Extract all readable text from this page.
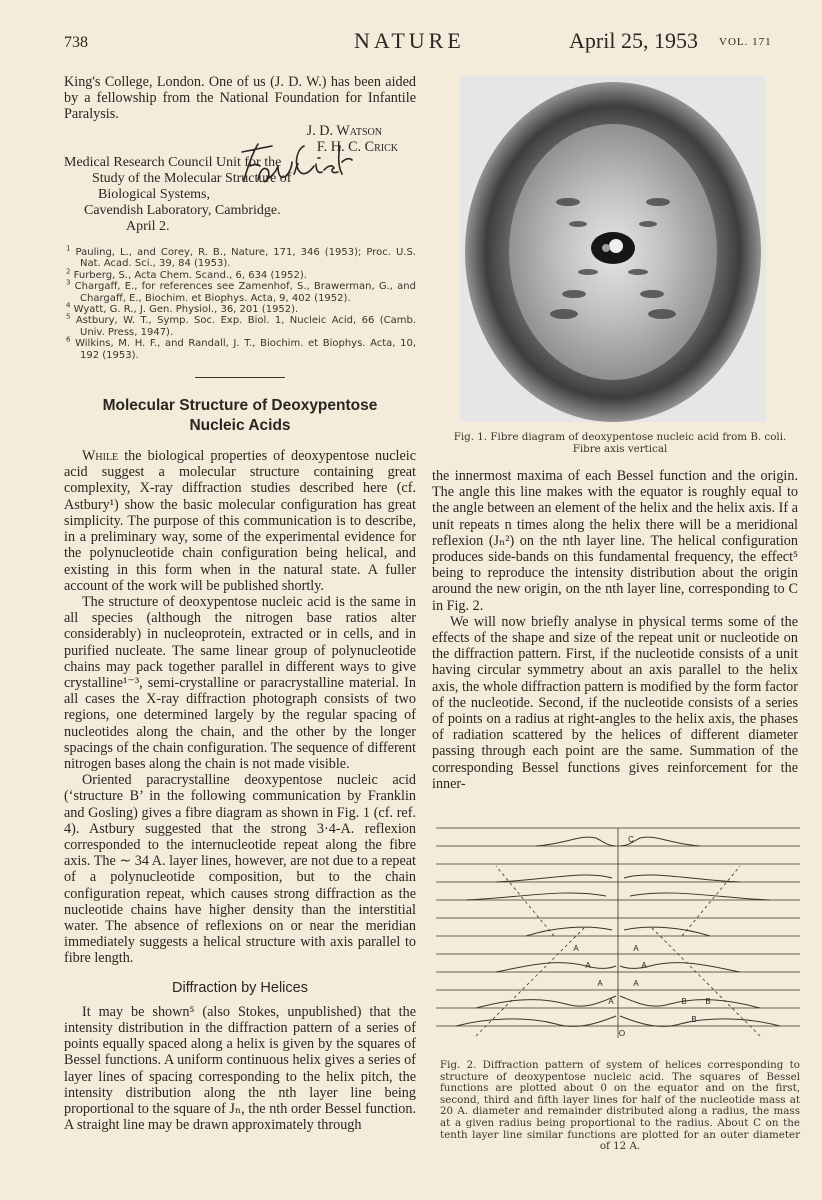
738	NATURE	April 25, 1953 VOL. 171

King's College, London. One of us (J. D. W.) has been aided by a fellowship from the National Foundation for Infantile Paralysis.

J. D. Watson
F. H. C. Crick
Medical Research Council Unit for the
Study of the Molecular Structure of
Biological Systems,
Cavendish Laboratory, Cambridge.
April 2.
$^1$ Pauling, L., and Corey, R. B., Nature, 171, 346 (1953); Proc. U.S. Nat. Acad. Sci., 39, 84 (1953).
$^2$ Furberg, S., Acta Chem. Scand., 6, 634 (1952).
$^3$ Chargaff, E., for references see Zamenhof, S., Brawerman, G., and Chargaff, E., Biochim. et Biophys. Acta, 9, 402 (1952).
$^4$ Wyatt, G. R., J. Gen. Physiol., 36, 201 (1952).
$^5$ Astbury, W. T., Symp. Soc. Exp. Biol. 1, Nucleic Acid, 66 (Camb. Univ. Press, 1947).
$^6$ Wilkins, M. H. F., and Randall, J. T., Biochim. et Biophys. Acta, 10, 192 (1953).
Molecular Structure of Deoxypentose
Nucleic Acids

While the biological properties of deoxypentose nucleic acid suggest a molecular structure containing great complexity, X-ray diffraction studies described here (cf. Astbury¹) show the basic molecular configuration has great simplicity. The purpose of this communication is to describe, in a preliminary way, some of the experimental evidence for the polynucleotide chain configuration being helical, and existing in this form when in the natural state. A fuller account of the work will be published shortly.

The structure of deoxypentose nucleic acid is the same in all species (although the nitrogen base ratios alter considerably) in nucleoprotein, extracted or in cells, and in purified nucleate. The same linear group of polynucleotide chains may pack together parallel in different ways to give crystalline¹⁻³, semi-crystalline or paracrystalline material. In all cases the X-ray diffraction photograph consists of two regions, one determined largely by the regular spacing of nucleotides along the chain, and the other by the longer spacings of the chain configuration. The sequence of different nitrogen bases along the chain is not made visible.

Oriented paracrystalline deoxypentose nucleic acid (‘structure B’ in the following communication by Franklin and Gosling) gives a fibre diagram as shown in Fig. 1 (cf. ref. 4). Astbury suggested that the strong 3·4-A. reflexion corresponded to the internucleotide repeat along the fibre axis. The ∼ 34 A. layer lines, however, are not due to a repeat of a polynucleotide composition, but to the chain configuration repeat, which causes strong diffraction as the nucleotide chains have higher density than the interstitial water. The absence of reflexions on or near the meridian immediately suggests a helical structure with axis parallel to fibre length.

Diffraction by Helices

It may be shown⁵ (also Stokes, unpublished) that the intensity distribution in the diffraction pattern of a series of points equally spaced along a helix is given by the squares of Bessel functions. A uniform continuous helix gives a series of layer lines of spacing corresponding to the helix pitch, the intensity distribution along the nth layer line being proportional to the square of Jₙ, the nth order Bessel function. A straight line may be drawn approximately through

Fig. 1. Fibre diagram of deoxypentose nucleic acid from B. coli.
Fibre axis vertical

the innermost maxima of each Bessel function and the origin. The angle this line makes with the equator is roughly equal to the angle between an element of the helix and the helix axis. If a unit repeats n times along the helix there will be a meridional reflexion (Jₙ²) on the nth layer line. The helical configuration produces side-bands on this fundamental frequency, the effect⁵ being to reproduce the intensity distribution about the origin around the new origin, on the nth layer line, corresponding to C in Fig. 2.

We will now briefly analyse in physical terms some of the effects of the shape and size of the repeat unit or nucleotide on the diffraction pattern. First, if the nucleotide consists of a unit having circular symmetry about an axis parallel to the helix axis, the whole diffraction pattern is modified by the form factor of the nucleotide. Second, if the nucleotide consists of a series of points on a radius at right-angles to the helix axis, the phases of radiation scattered by the helices of different diameter passing through each point are the same. Summation of the corresponding Bessel functions gives reinforcement for the inner-

C
A	A
A	A
A	A
A	B B
B
O
Fig. 2. Diffraction pattern of system of helices corresponding to structure of deoxypentose nucleic acid. The squares of Bessel functions are plotted about 0 on the equator and on the first, second, third and fifth layer lines for half of the nucleotide mass at 20 A. diameter and remainder distributed along a radius, the mass at a given radius being proportional to the radius. About C on the tenth layer line similar functions are plotted for an outer diameter of 12 A.
